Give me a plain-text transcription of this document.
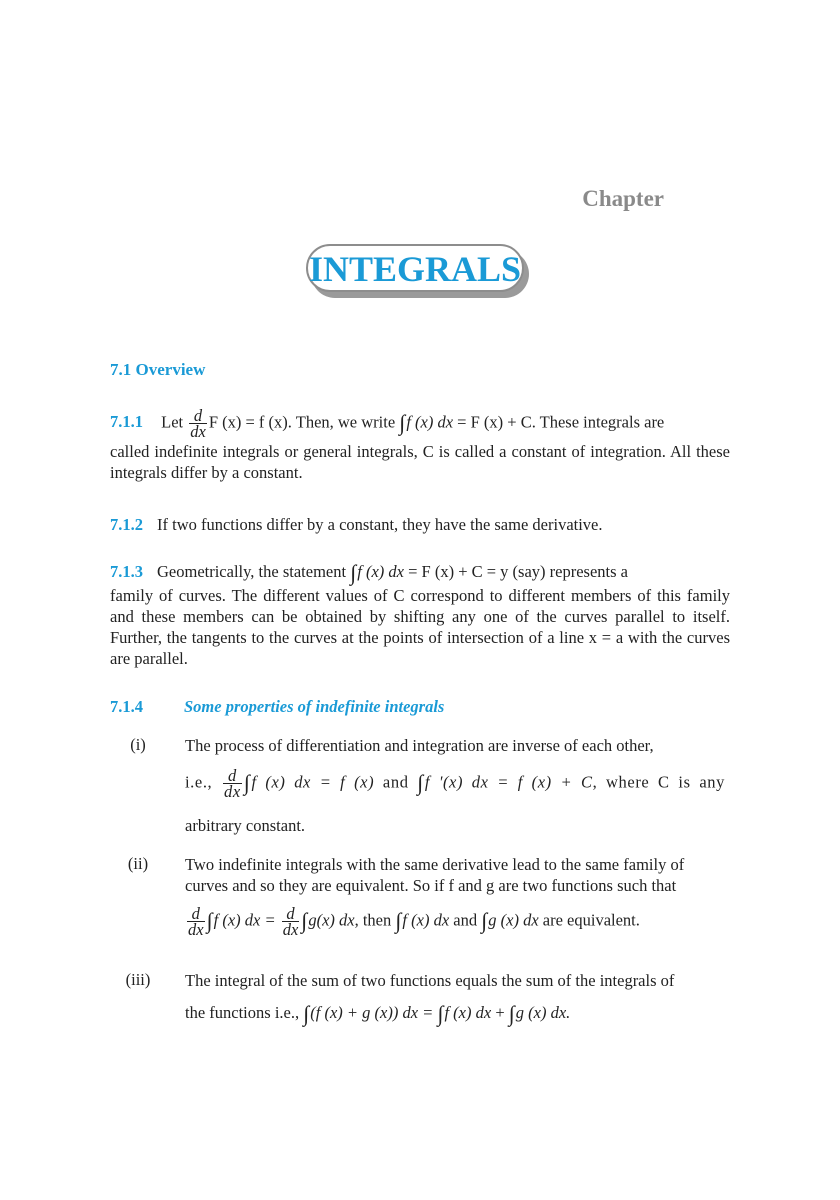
Chapter
INTEGRALS
7.1 Overview
7.1.1 Let $\frac{d}{dx}$ F (x) = f (x). Then, we write ∫f (x) dx = F (x) + C. These integrals are
called indefinite integrals or general integrals, C is called a constant of integration. All these integrals differ by a constant.
7.1.2 If two functions differ by a constant, they have the same derivative.
7.1.3 Geometrically, the statement ∫f (x) dx = F (x) + C = y (say) represents a
family of curves. The different values of C correspond to different members of this family and these members can be obtained by shifting any one of the curves parallel to itself. Further, the tangents to the curves at the points of intersection of a line x = a with the curves are parallel.
7.1.4 Some properties of indefinite integrals
(i)	The process of differentiation and integration are inverse of each other,
i.e., $\frac{d}{dx} \int f$ (x) dx = f (x) and ∫f '(x) dx = f (x) + C, where C is any
arbitrary constant.
(ii)	Two indefinite integrals with the same derivative lead to the same family of
curves and so they are equivalent. So if f and g are two functions such that
$\frac{d}{dx} \int f$ (x) dx = $\frac{d}{dx} \int g(x)$ dx, then ∫f (x) dx and ∫g (x) dx are equivalent.
(iii)	The integral of the sum of two functions equals the sum of the integrals of
the functions i.e., ∫(f (x) + g (x)) dx = ∫f (x) dx + ∫g (x) dx.
